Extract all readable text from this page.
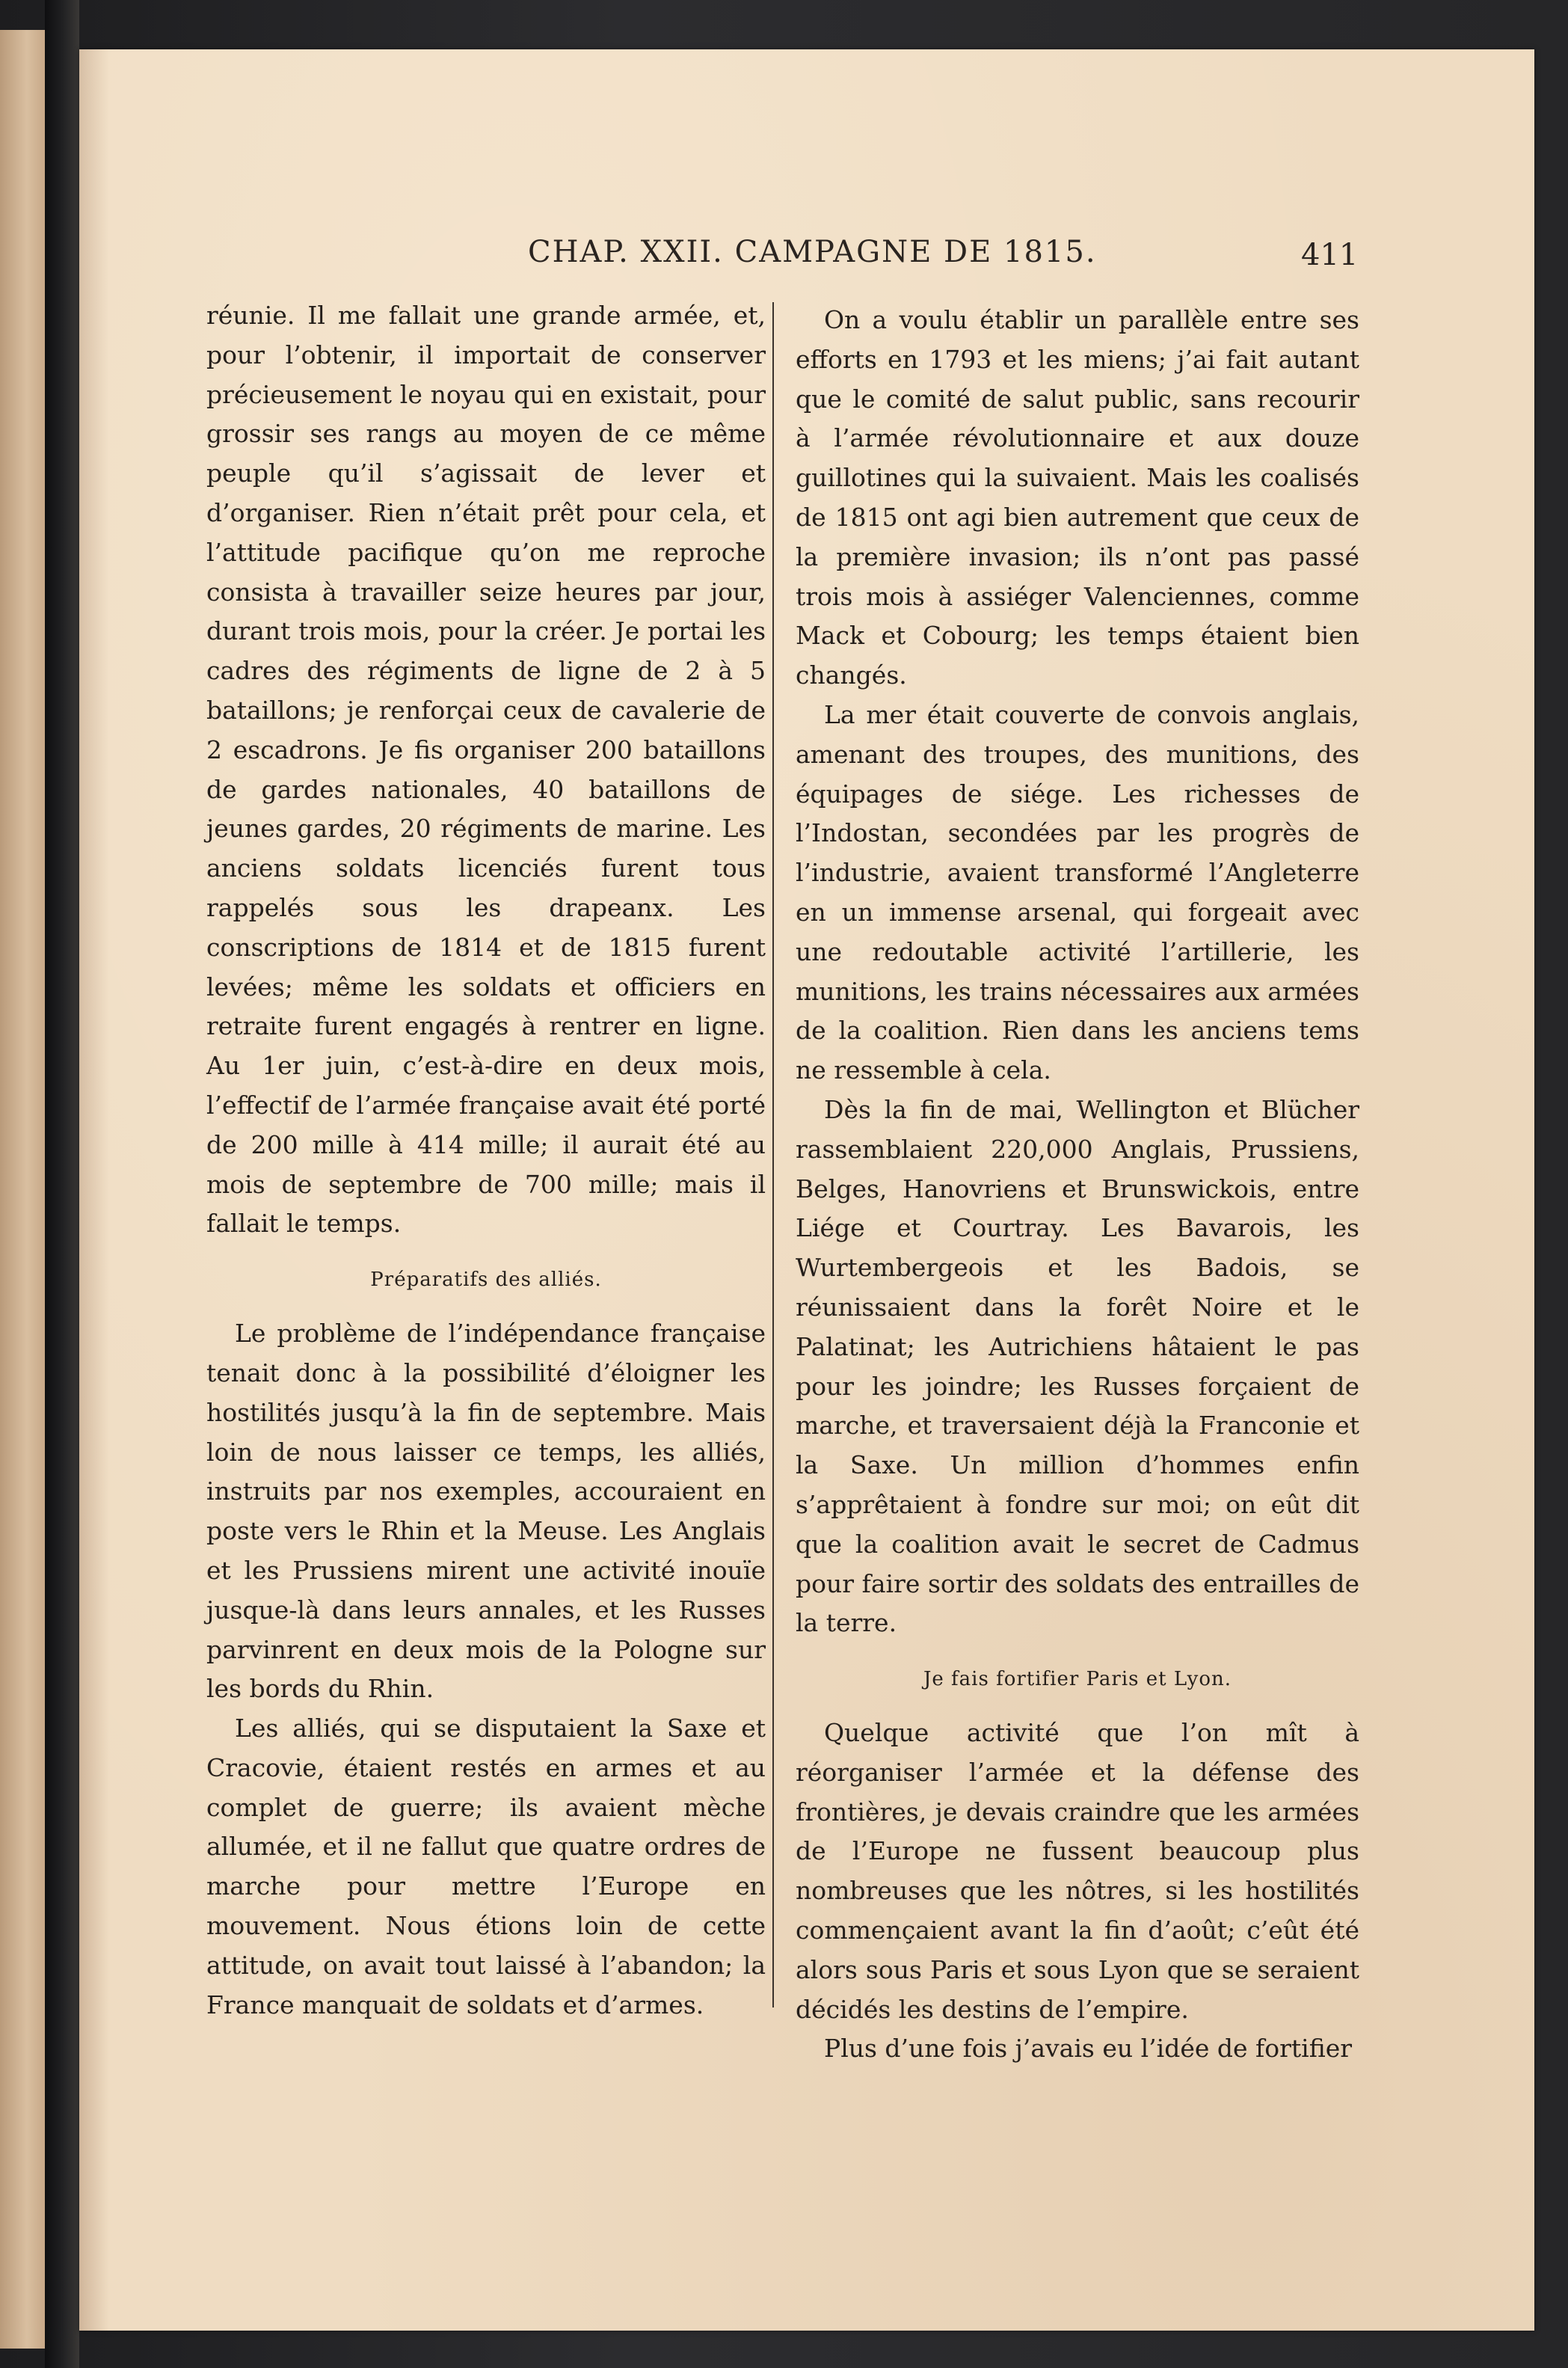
CHAP. XXII. CAMPAGNE DE 1815.	411

réunie. Il me fallait une grande armée, et, pour l’obtenir, il importait de conserver précieusement le noyau qui en existait, pour grossir ses rangs au moyen de ce même peuple qu’il s’agissait de lever et d’organiser. Rien n’était prêt pour cela, et l’attitude pacifique qu’on me reproche consista à travailler seize heures par jour, durant trois mois, pour la créer. Je portai les cadres des régiments de ligne de 2 à 5 bataillons; je renforçai ceux de cavalerie de 2 escadrons. Je fis organiser 200 bataillons de gardes nationales, 40 bataillons de jeunes gardes, 20 régiments de marine. Les anciens soldats licenciés furent tous rappelés sous les drapeanx. Les conscriptions de 1814 et de 1815 furent levées; même les soldats et officiers en retraite furent engagés à rentrer en ligne. Au 1er juin, c’est-à-dire en deux mois, l’effectif de l’armée française avait été porté de 200 mille à 414 mille; il aurait été au mois de septembre de 700 mille; mais il fallait le temps.

Préparatifs des alliés.

Le problème de l’indépendance française tenait donc à la possibilité d’éloigner les hostilités jusqu’à la fin de septembre. Mais loin de nous laisser ce temps, les alliés, instruits par nos exemples, accouraient en poste vers le Rhin et la Meuse. Les Anglais et les Prussiens mirent une activité inouïe jusque-là dans leurs annales, et les Russes parvinrent en deux mois de la Pologne sur les bords du Rhin.

Les alliés, qui se disputaient la Saxe et Cracovie, étaient restés en armes et au complet de guerre; ils avaient mèche allumée, et il ne fallut que quatre ordres de marche pour mettre l’Europe en mouvement. Nous étions loin de cette attitude, on avait tout laissé à l’abandon; la France manquait de soldats et d’armes.

On a voulu établir un parallèle entre ses efforts en 1793 et les miens; j’ai fait autant que le comité de salut public, sans recourir à l’armée révolutionnaire et aux douze guillotines qui la suivaient. Mais les coalisés de 1815 ont agi bien autrement que ceux de la première invasion; ils n’ont pas passé trois mois à assiéger Valenciennes, comme Mack et Cobourg; les temps étaient bien changés.

La mer était couverte de convois anglais, amenant des troupes, des munitions, des équipages de siége. Les richesses de l’Indostan, secondées par les progrès de l’industrie, avaient transformé l’Angleterre en un immense arsenal, qui forgeait avec une redoutable activité l’artillerie, les munitions, les trains nécessaires aux armées de la coalition. Rien dans les anciens tems ne ressemble à cela.

Dès la fin de mai, Wellington et Blücher rassemblaient 220,000 Anglais, Prussiens, Belges, Hanovriens et Brunswickois, entre Liége et Courtray. Les Bavarois, les Wurtembergeois et les Badois, se réunissaient dans la forêt Noire et le Palatinat; les Autrichiens hâtaient le pas pour les joindre; les Russes forçaient de marche, et traversaient déjà la Franconie et la Saxe. Un million d’hommes enfin s’apprêtaient à fondre sur moi; on eût dit que la coalition avait le secret de Cadmus pour faire sortir des soldats des entrailles de la terre.

Je fais fortifier Paris et Lyon.

Quelque activité que l’on mît à réorganiser l’armée et la défense des frontières, je devais craindre que les armées de l’Europe ne fussent beaucoup plus nombreuses que les nôtres, si les hostilités commençaient avant la fin d’août; c’eût été alors sous Paris et sous Lyon que se seraient décidés les destins de l’empire.

Plus d’une fois j’avais eu l’idée de fortifier
